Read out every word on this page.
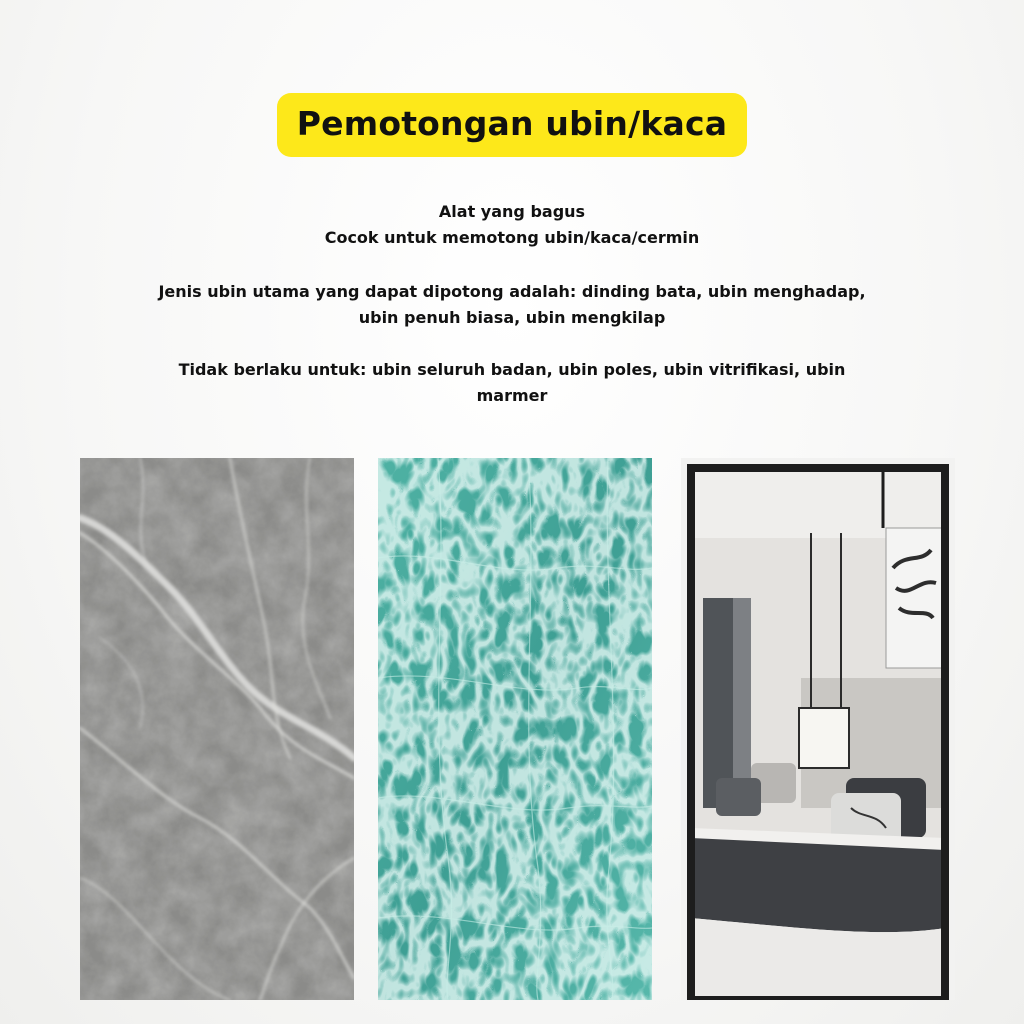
Pemotongan ubin/kaca
Alat yang bagus
Cocok untuk memotong ubin/kaca/cermin
Jenis ubin utama yang dapat dipotong adalah: dinding bata, ubin menghadap,
ubin penuh biasa, ubin mengkilap
Tidak berlaku untuk: ubin seluruh badan, ubin poles, ubin vitrifikasi, ubin
marmer
